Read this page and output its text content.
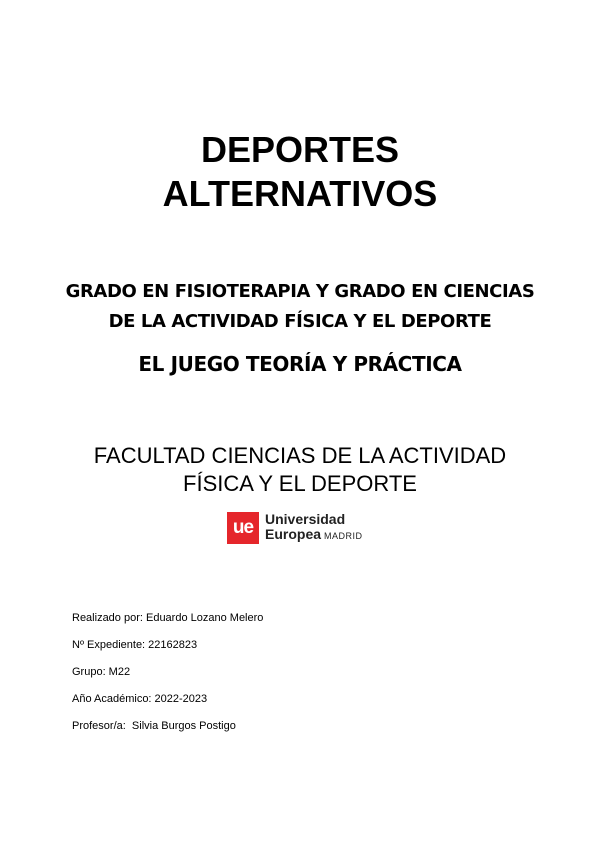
DEPORTES
ALTERNATIVOS
GRADO EN FISIOTERAPIA Y GRADO EN CIENCIAS
DE LA ACTIVIDAD FÍSICA Y EL DEPORTE
EL JUEGO TEORÍA Y PRÁCTICA
FACULTAD CIENCIAS DE LA ACTIVIDAD
FÍSICA Y EL DEPORTE
ue Universidad
Europea MADRID
Realizado por: Eduardo Lozano Melero
Nº Expediente: 22162823
Grupo: M22
Año Académico: 2022-2023
Profesor/a:  Silvia Burgos Postigo
